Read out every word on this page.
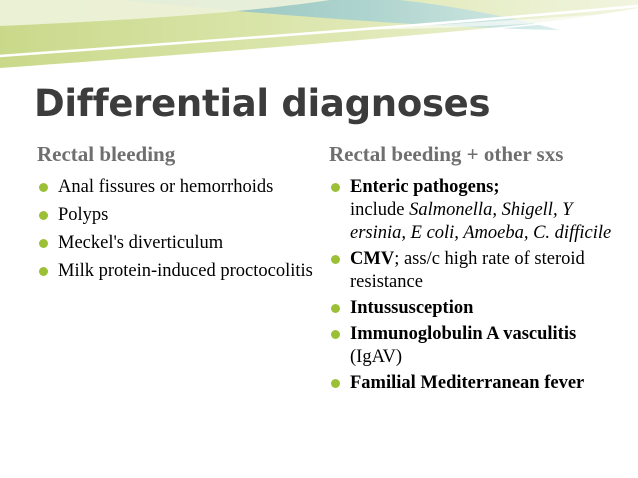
Differential diagnoses
Rectal bleeding	Rectal beeding + other sxs
Anal fissures or hemorrhoids
Polyps
Meckel's diverticulum
Milk protein-induced proctocolitis
Enteric pathogens;
include Salmonella, Shigell, Y ersinia, E coli, Amoeba, C. difficile
CMV; ass/c high rate of steroid resistance
Intussusception
Immunoglobulin A vasculitis (IgAV)
Familial Mediterranean fever
